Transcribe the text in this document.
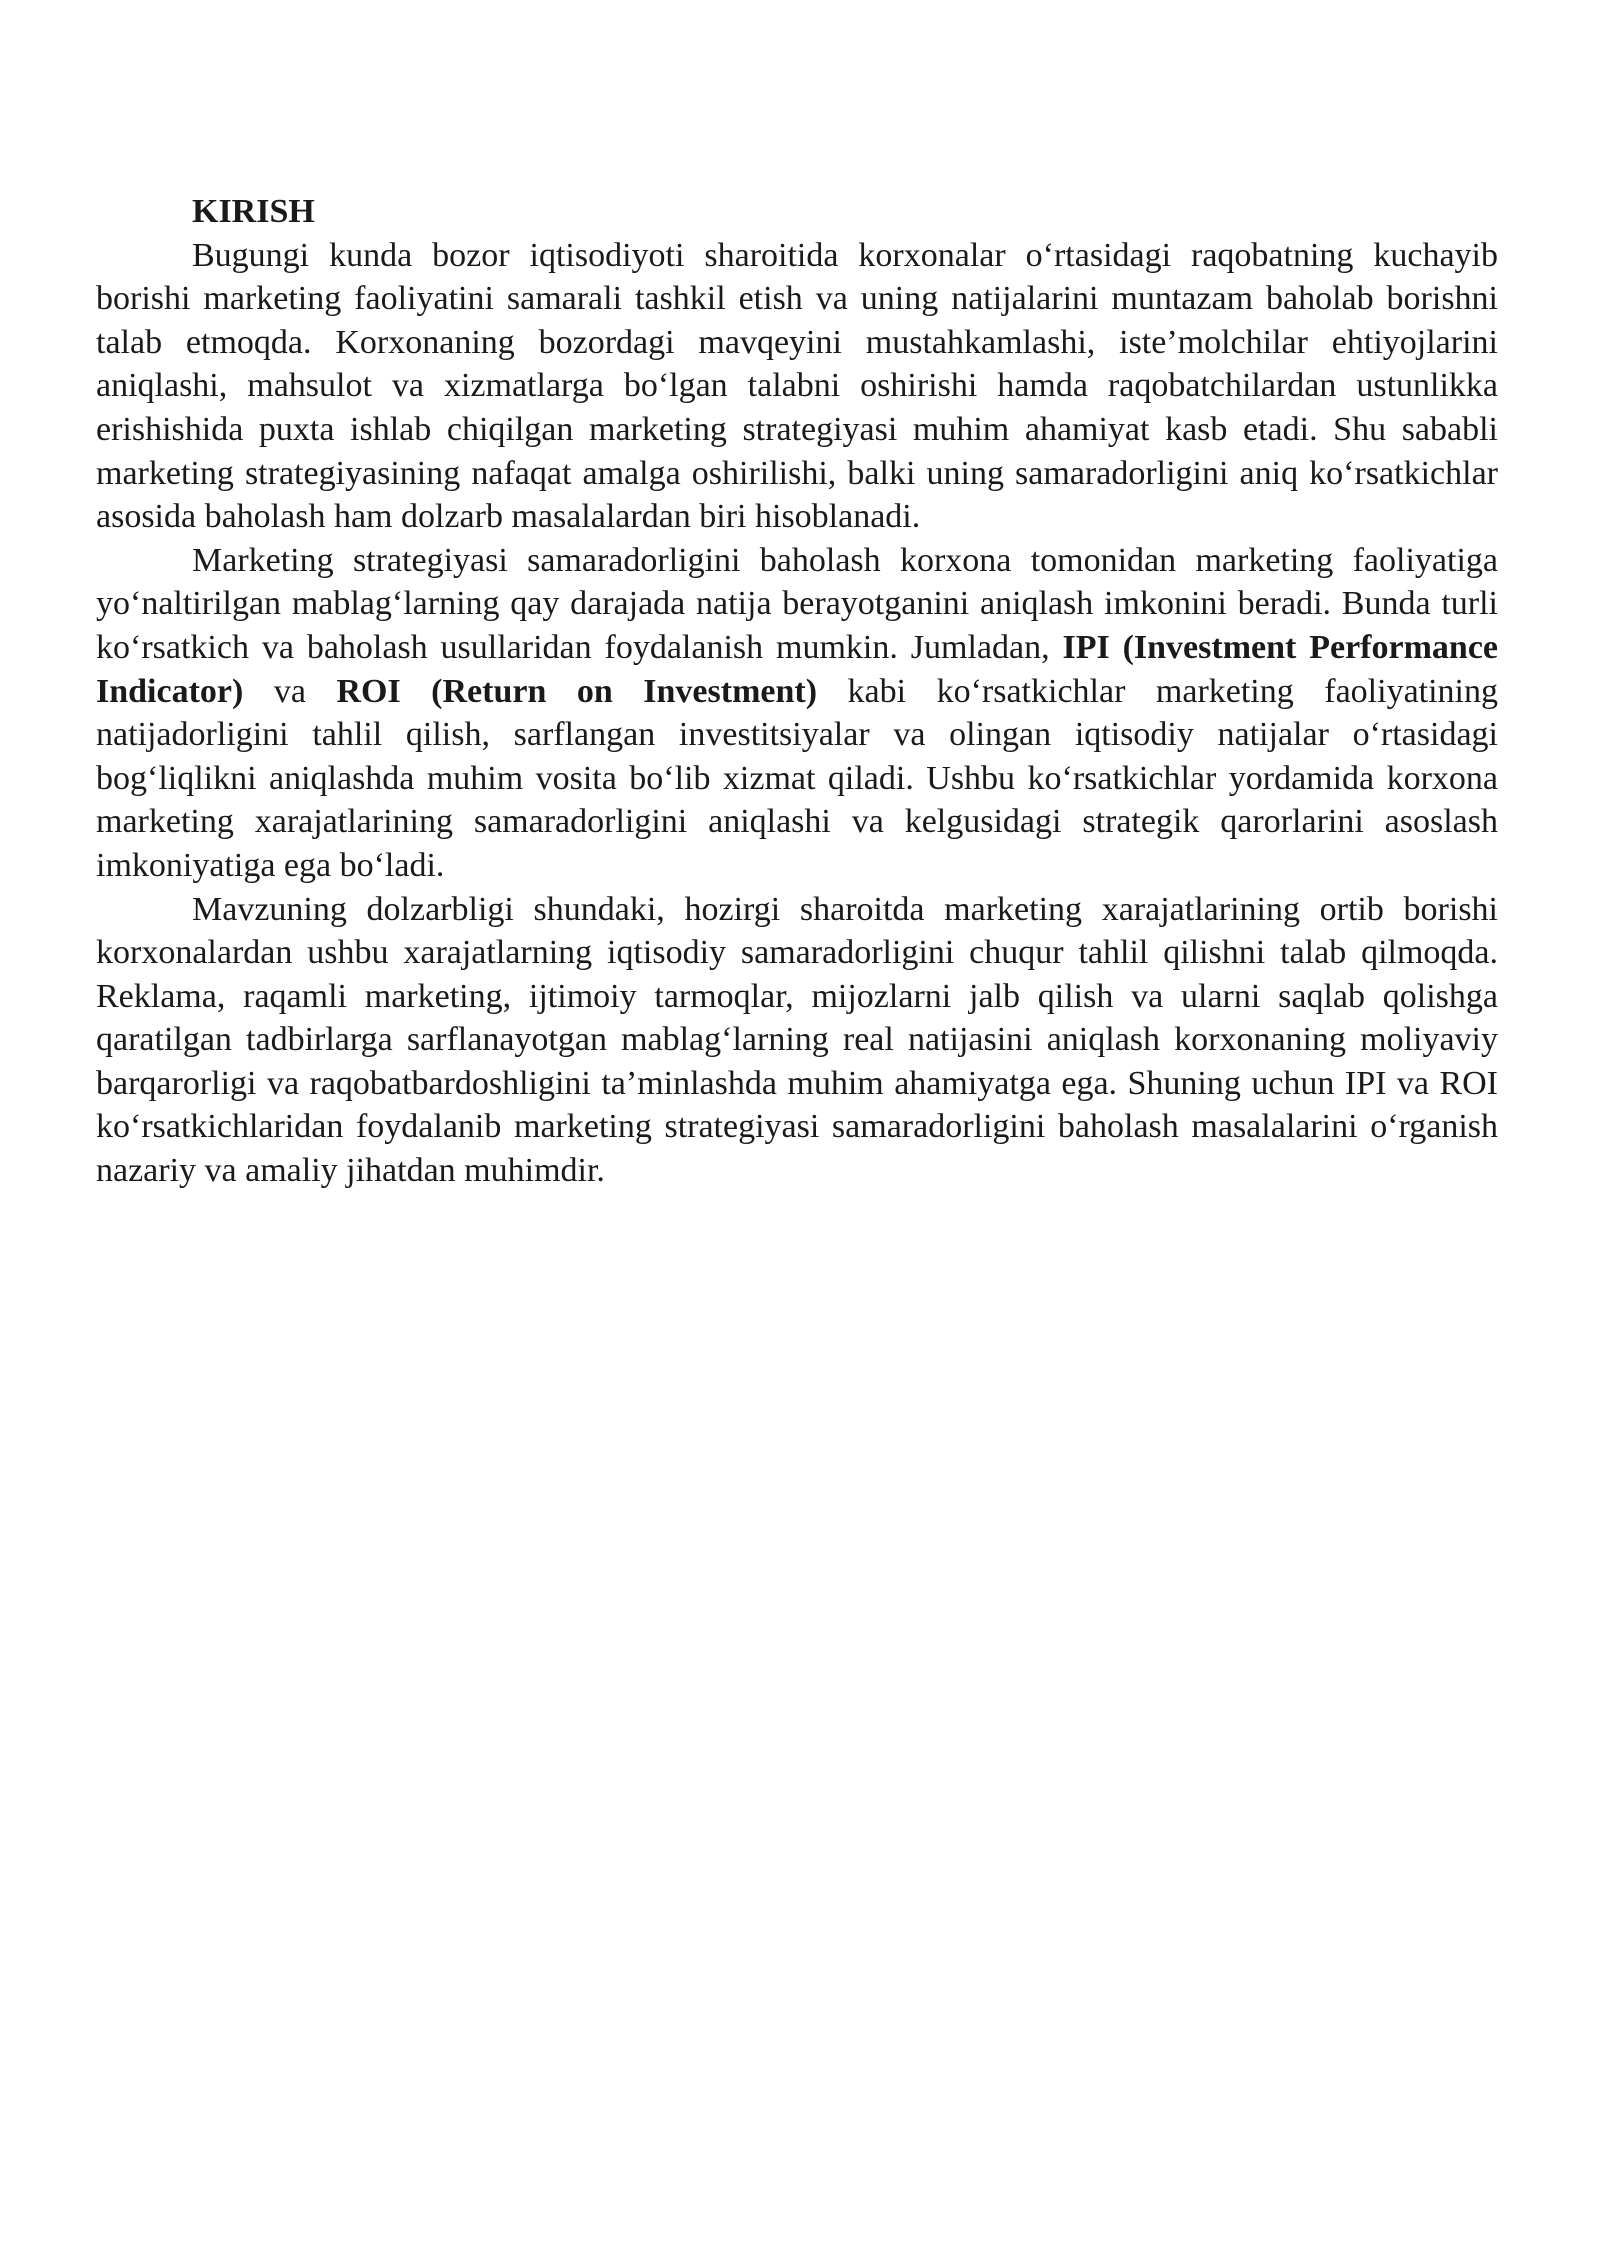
KIRISH

Bugungi kunda bozor iqtisodiyoti sharoitida korxonalar o‘rtasidagi raqobatning kuchayib borishi marketing faoliyatini samarali tashkil etish va uning natijalarini muntazam baholab borishni talab etmoqda. Korxonaning bozordagi mavqeyini mustahkamlashi, iste’molchilar ehtiyojlarini aniqlashi, mahsulot va xizmatlarga bo‘lgan talabni oshirishi hamda raqobatchilardan ustunlikka erishishida puxta ishlab chiqilgan marketing strategiyasi muhim ahamiyat kasb etadi. Shu sababli marketing strategiyasining nafaqat amalga oshirilishi, balki uning samaradorligini aniq ko‘rsatkichlar asosida baholash ham dolzarb masalalardan biri hisoblanadi.

Marketing strategiyasi samaradorligini baholash korxona tomonidan marketing faoliyatiga yo‘naltirilgan mablag‘larning qay darajada natija berayotganini aniqlash imkonini beradi. Bunda turli ko‘rsatkich va baholash usullaridan foydalanish mumkin. Jumladan, IPI (Investment Performance Indicator) va ROI (Return on Investment) kabi ko‘rsatkichlar marketing faoliyatining natijadorligini tahlil qilish, sarflangan investitsiyalar va olingan iqtisodiy natijalar o‘rtasidagi bog‘liqlikni aniqlashda muhim vosita bo‘lib xizmat qiladi. Ushbu ko‘rsatkichlar yordamida korxona marketing xarajatlarining samaradorligini aniqlashi va kelgusidagi strategik qarorlarini asoslash imkoniyatiga ega bo‘ladi.

Mavzuning dolzarbligi shundaki, hozirgi sharoitda marketing xarajatlarining ortib borishi korxonalardan ushbu xarajatlarning iqtisodiy samaradorligini chuqur tahlil qilishni talab qilmoqda. Reklama, raqamli marketing, ijtimoiy tarmoqlar, mijozlarni jalb qilish va ularni saqlab qolishga qaratilgan tadbirlarga sarflanayotgan mablag‘larning real natijasini aniqlash korxonaning moliyaviy barqarorligi va raqobatbardoshligini ta’minlashda muhim ahamiyatga ega. Shuning uchun IPI va ROI ko‘rsatkichlaridan foydalanib marketing strategiyasi samaradorligini baholash masalalarini o‘rganish nazariy va amaliy jihatdan muhimdir.
